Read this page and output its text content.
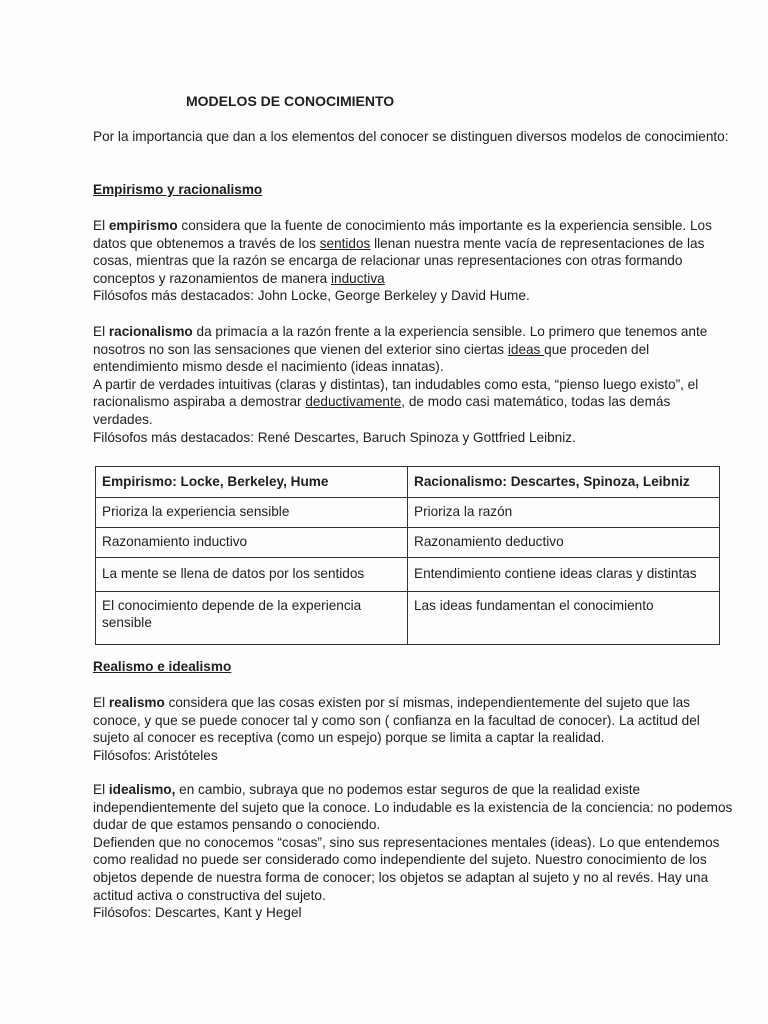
MODELOS DE CONOCIMIENTO

Por la importancia que dan a los elementos del conocer se distinguen diversos modelos de conocimiento:

Empirismo y racionalismo

El empirismo considera que la fuente de conocimiento más importante es la experiencia sensible. Los datos que obtenemos a través de los sentidos llenan nuestra mente vacía de representaciones de las cosas, mientras que la razón se encarga de relacionar unas representaciones con otras formando conceptos y razonamientos de manera inductiva
Filósofos más destacados: John Locke, George Berkeley y David Hume.

El racionalismo da primacía a la razón frente a la experiencia sensible. Lo primero que tenemos ante nosotros no son las sensaciones que vienen del exterior sino ciertas ideas que proceden del entendimiento mismo desde el nacimiento (ideas innatas).
A partir de verdades intuitivas (claras y distintas), tan indudables como esta, “pienso luego existo”, el racionalismo aspiraba a demostrar deductivamente, de modo casi matemático, todas las demás verdades.
Filósofos más destacados: René Descartes, Baruch Spinoza y Gottfried Leibniz.

Empirismo: Locke, Berkeley, Hume	Racionalismo: Descartes, Spinoza, Leibniz
Prioriza la experiencia sensible	Prioriza la razón
Razonamiento inductivo	Razonamiento deductivo
La mente se llena de datos por los sentidos	Entendimiento contiene ideas claras y distintas
El conocimiento depende de la experiencia sensible	Las ideas fundamentan el conocimiento

Realismo e idealismo

El realismo considera que las cosas existen por sí mismas, independientemente del sujeto que las conoce, y que se puede conocer tal y como son ( confianza en la facultad de conocer). La actitud del sujeto al conocer es receptiva (como un espejo) porque se limita a captar la realidad.
Filósofos: Aristóteles

El idealismo, en cambio, subraya que no podemos estar seguros de que la realidad existe independientemente del sujeto que la conoce. Lo indudable es la existencia de la conciencia: no podemos dudar de que estamos pensando o conociendo.
Defienden que no conocemos “cosas”, sino sus representaciones mentales (ideas). Lo que entendemos como realidad no puede ser considerado como independiente del sujeto. Nuestro conocimiento de los objetos depende de nuestra forma de conocer; los objetos se adaptan al sujeto y no al revés. Hay una actitud activa o constructiva del sujeto.
Filósofos: Descartes, Kant y Hegel
